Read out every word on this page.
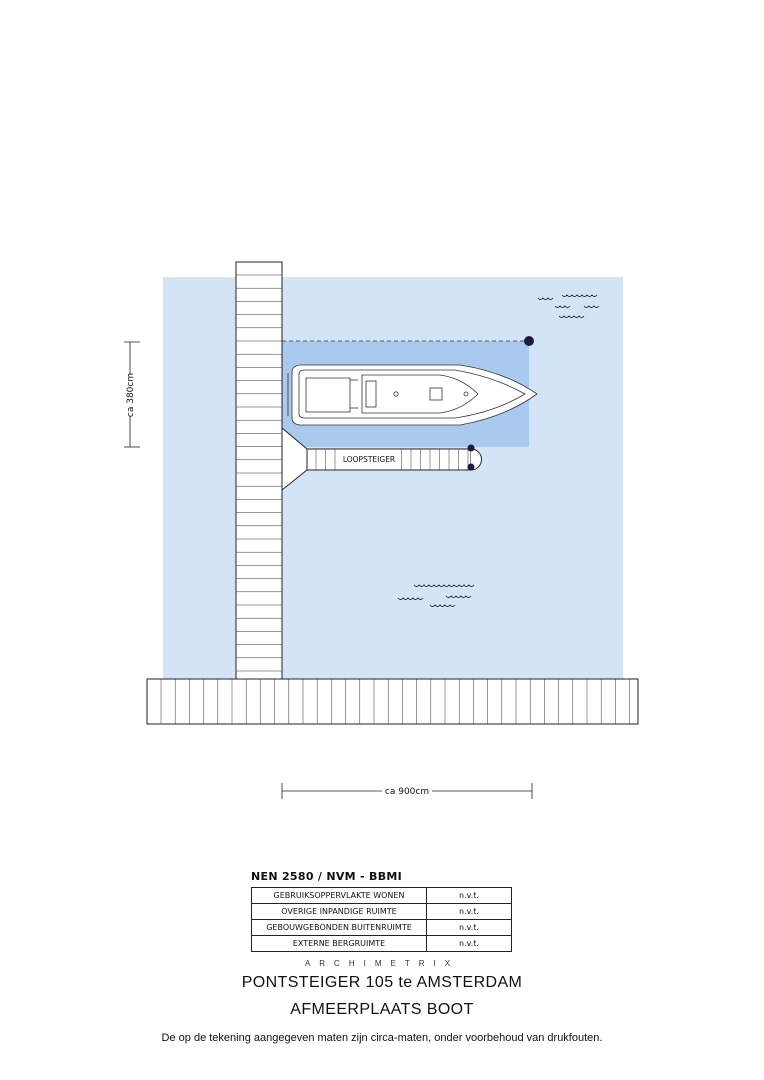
LOOPSTEIGER
ca 380cm
ca 900cm
NEN 2580 / NVM - BBMI
GEBRUIKSOPPERVLAKTE WONEN	n.v.t.
OVERIGE INPANDIGE RUIMTE	n.v.t.
GEBOUWGEBONDEN BUITENRUIMTE	n.v.t.
EXTERNE BERGRUIMTE	n.v.t.
ARCHIMETRIX
PONTSTEIGER 105 te AMSTERDAM
AFMEERPLAATS BOOT
De op de tekening aangegeven maten zijn circa-maten, onder voorbehoud van drukfouten.
